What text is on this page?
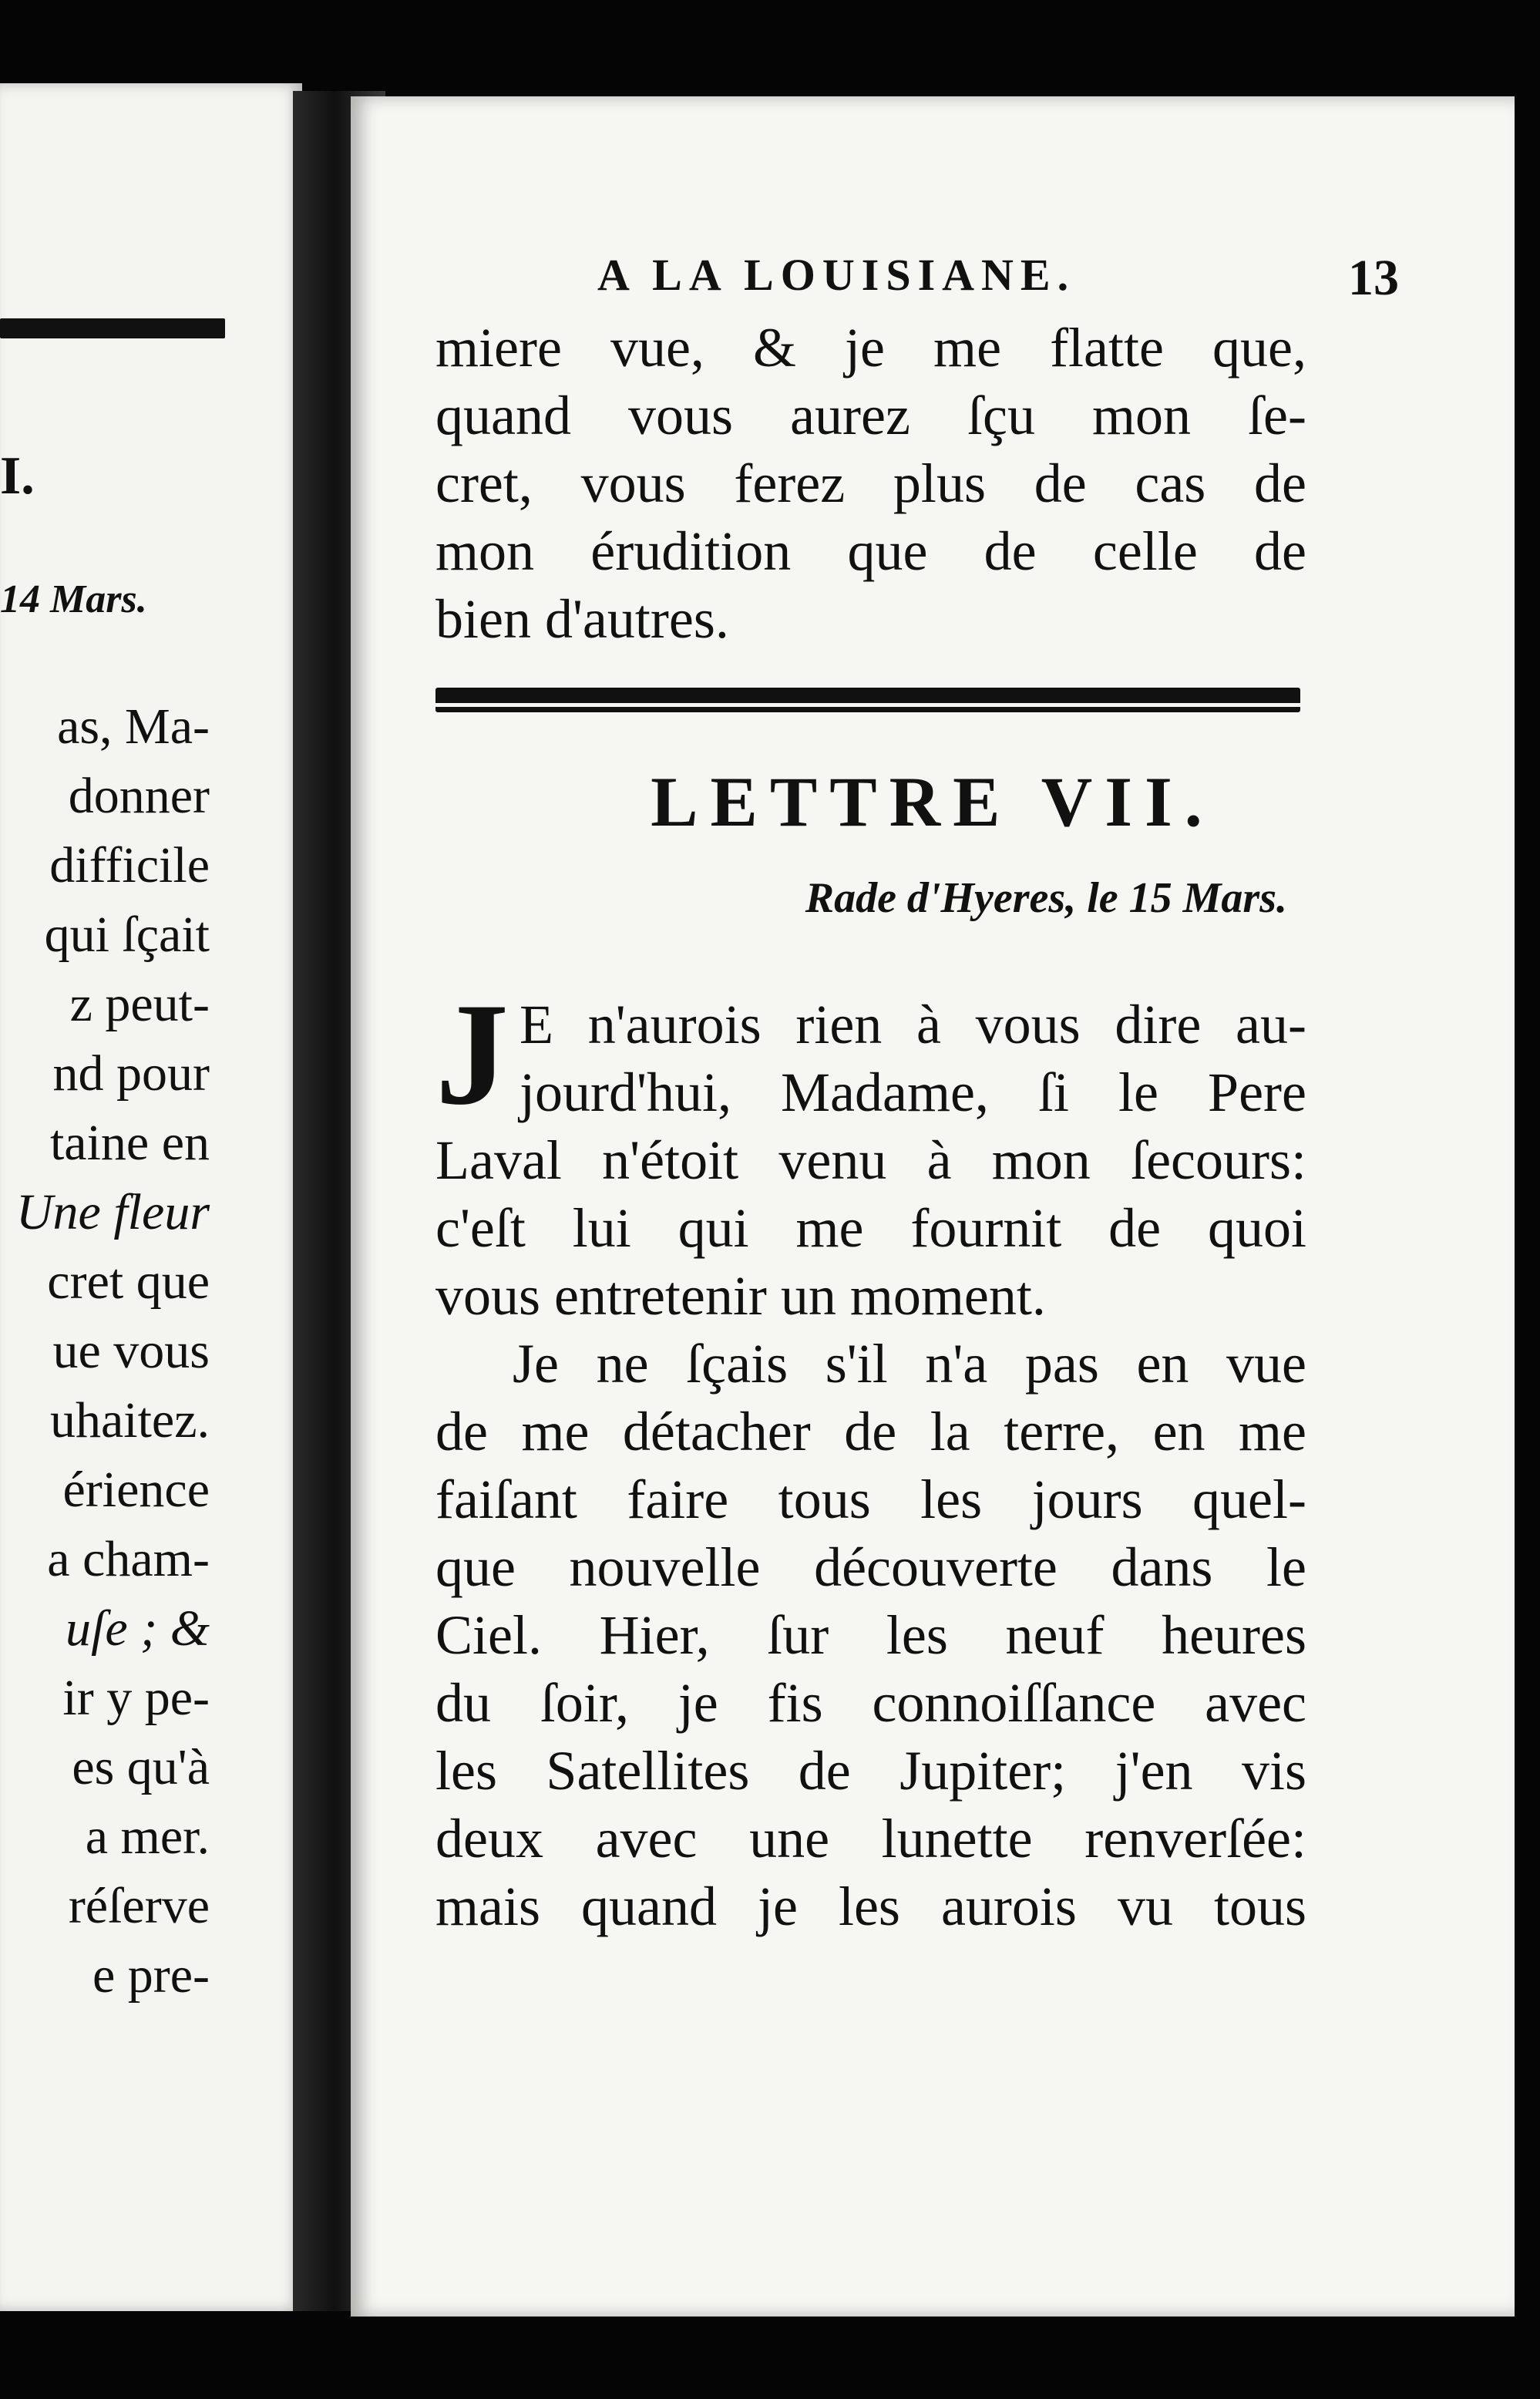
I.
14 Mars.
as, Ma-
donner
difficile
qui ſçait
z peut-
nd pour
taine en
Une fleur
cret que
ue vous
uhaitez.
érience
a cham-
uſe ; &
ir y pe-
es qu'à
a mer.
réſerve
e pre-
A LA LOUISIANE.	13
miere vue, & je me flatte que,
quand vous aurez ſçu mon ſe-
cret, vous ferez plus de cas de
mon érudition que de celle de
bien d'autres.
LETTRE VII.
Rade d'Hyeres, le 15 Mars.
J E n'aurois rien à vous dire au-
jourd'hui, Madame, ſi le Pere
Laval n'étoit venu à mon ſecours:
c'eſt lui qui me fournit de quoi
vous entretenir un moment.
Je ne ſçais s'il n'a pas en vue
de me détacher de la terre, en me
faiſant faire tous les jours quel-
que nouvelle découverte dans le
Ciel. Hier, ſur les neuf heures
du ſoir, je fis connoiſſance avec
les Satellites de Jupiter; j'en vis
deux avec une lunette renverſée:
mais quand je les aurois vu tous
